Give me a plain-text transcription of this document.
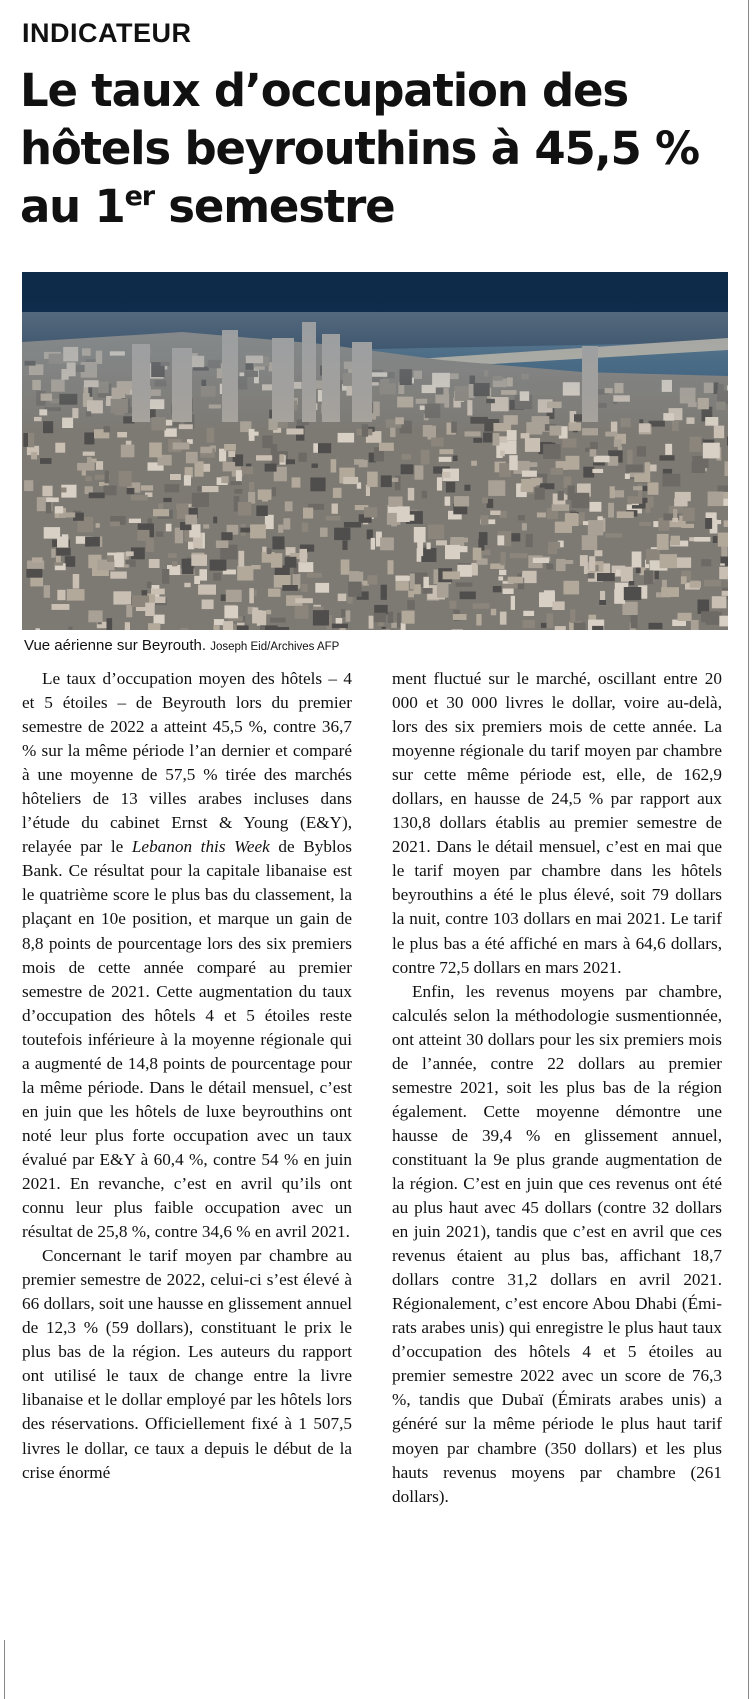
INDICATEUR
Le taux d’occupation des
hôtels beyrouthins à 45,5 %
au 1er semestre
Vue aérienne sur Beyrouth. Joseph Eid/Archives AFP

Le taux d’occupation moyen des hôtels – 4 et 5 étoiles – de Beyrouth lors du premier semestre de 2022 a atteint 45,5 %, contre 36,7 % sur la même période l’an dernier et comparé à une moyenne de 57,5 % tirée des marchés hôteliers de 13 villes arabes incluses dans l’étude du cabinet Ernst & Young (E&Y), relayée par le Lebanon this Week de Byblos Bank. Ce résultat pour la capitale libanaise est le quatrième score le plus bas du classement, la plaçant en 10e position, et marque un gain de 8,8 points de pourcentage lors des six premiers mois de cette année comparé au premier semestre de 2021. Cette augmentation du taux d’occupation des hôtels 4 et 5 étoiles reste toutefois inférieure à la moyenne régionale qui a augmenté de 14,8 points de pourcentage pour la même période. Dans le détail mensuel, c’est en juin que les hôtels de luxe beyrouthins ont noté leur plus forte occupation avec un taux évalué par E&Y à 60,4 %, contre 54 % en juin 2021. En revanche, c’est en avril qu’ils ont connu leur plus faible occupation avec un résultat de 25,8 %, contre 34,6 % en avril 2021.

Concernant le tarif moyen par chambre au premier semestre de 2022, celui-ci s’est élevé à 66 dollars, soit une hausse en glissement annuel de 12,3 % (59 dollars), constituant le prix le plus bas de la région. Les auteurs du rapport ont utilisé le taux de change entre la livre libanaise et le dollar employé par les hôtels lors des réservations. Officiellement fixé à 1 507,5 livres le dollar, ce taux a depuis le début de la crise énormé

ment fluctué sur le marché, oscillant entre 20 000 et 30 000 livres le dollar, voire au-delà, lors des six premiers mois de cette année. La moyenne régionale du tarif moyen par chambre sur cette même période est, elle, de 162,9 dollars, en hausse de 24,5 % par rapport aux 130,8 dollars établis au premier semestre de 2021. Dans le détail mensuel, c’est en mai que le tarif moyen par chambre dans les hôtels beyrouthins a été le plus élevé, soit 79 dollars la nuit, contre 103 dollars en mai 2021. Le tarif le plus bas a été affiché en mars à 64,6 dollars, contre 72,5 dollars en mars 2021.

Enfin, les revenus moyens par chambre, calculés selon la méthodologie susmentionnée, ont atteint 30 dollars pour les six premiers mois de l’année, contre 22 dollars au premier semestre 2021, soit les plus bas de la région également. Cette moyenne démontre une hausse de 39,4 % en glissement annuel, constituant la 9e plus grande augmentation de la région. C’est en juin que ces revenus ont été au plus haut avec 45 dollars (contre 32 dollars en juin 2021), tandis que c’est en avril que ces revenus étaient au plus bas, affichant 18,7 dollars contre 31,2 dollars en avril 2021. Régionalement, c’est encore Abou Dhabi (Émirats arabes unis) qui enregistre le plus haut taux d’occupation des hôtels 4 et 5 étoiles au premier semestre 2022 avec un score de 76,3 %, tandis que Dubaï (Émirats arabes unis) a généré sur la même période le plus haut tarif moyen par chambre (350 dollars) et les plus hauts revenus moyens par chambre (261 dollars).
